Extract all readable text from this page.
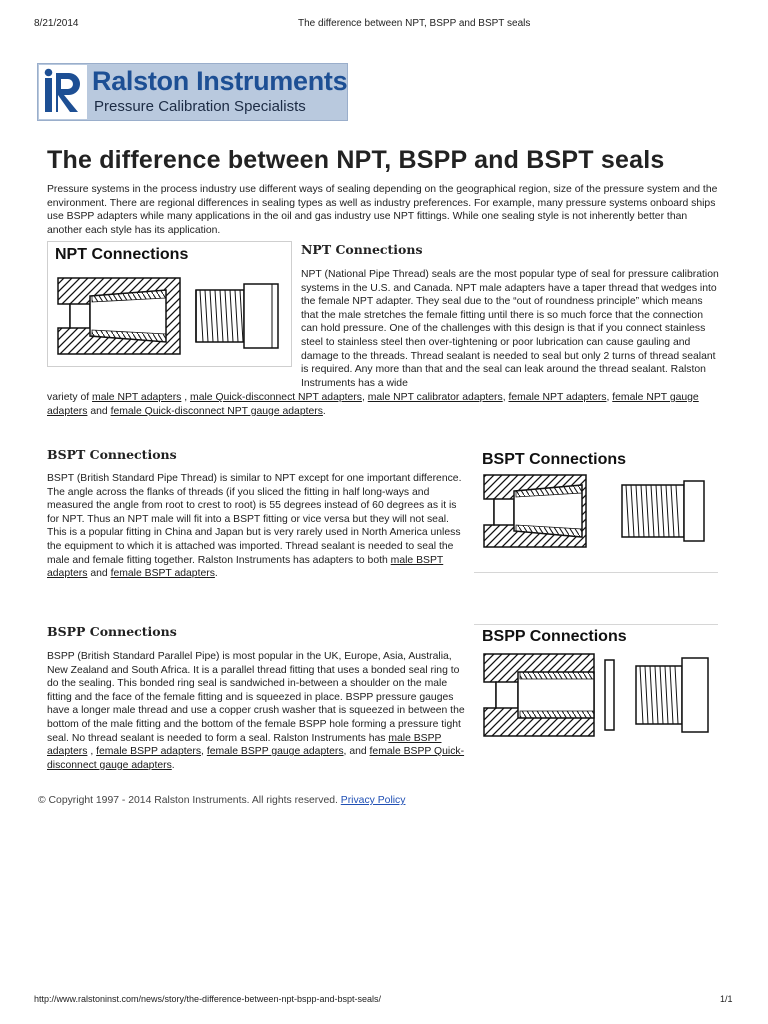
8/21/2014	The difference between NPT, BSPP and BSPT seals
Ralston Instruments
Pressure Calibration Specialists
The difference between NPT, BSPP and BSPT seals

Pressure systems in the process industry use different ways of sealing depending on the geographical region, size of the pressure system and the environment. There are regional differences in sealing types as well as industry preferences. For example, many pressure systems onboard ships use BSPP adapters while many applications in the oil and gas industry use NPT fittings. While one sealing style is not inherently better than another each style has its application.

NPT Connections	NPT Connections

NPT (National Pipe Thread) seals are the most popular type of seal for pressure calibration systems in the U.S. and Canada. NPT male adapters have a taper thread that wedges into the female NPT adapter. They seal due to the “out of roundness principle” which means that the male stretches the female fitting until there is so much force that the connection can hold pressure. One of the challenges with this design is that if you connect stainless steel to stainless steel then over-tightening or poor lubrication can cause gauling and damage to the threads. Thread sealant is needed to seal but only 2 turns of thread sealant is required. Any more than that and the seal can leak around the thread sealant. Ralston Instruments has a wide

variety of male NPT adapters , male Quick-disconnect NPT adapters, male NPT calibrator adapters, female NPT adapters, female NPT gauge adapters and female Quick-disconnect NPT gauge adapters.

BSPT Connections

BSPT (British Standard Pipe Thread) is similar to NPT except for one important difference. The angle across the flanks of threads (if you sliced the fitting in half long-ways and measured the angle from root to crest to root) is 55 degrees instead of 60 degrees as it is for NPT. Thus an NPT male will fit into a BSPT fitting or vice versa but they will not seal. This is a popular fitting in China and Japan but is very rarely used in North America unless the equipment to which it is attached was imported. Thread sealant is needed to seal the male and female fitting together. Ralston Instruments has adapters to both male BSPT adapters and female BSPT adapters.

BSPT Connections
BSPP Connections

BSPP (British Standard Parallel Pipe) is most popular in the UK, Europe, Asia, Australia, New Zealand and South Africa. It is a parallel thread fitting that uses a bonded seal ring to do the sealing. This bonded ring seal is sandwiched in-between a shoulder on the male fitting and the face of the female fitting and is squeezed in place. BSPP pressure gauges have a longer male thread and use a copper crush washer that is squeezed in between the bottom of the male fitting and the bottom of the female BSPP hole forming a pressure tight seal. No thread sealant is needed to form a seal. Ralston Instruments has male BSPP adapters , female BSPP adapters, female BSPP gauge adapters, and female BSPP Quick-disconnect gauge adapters.

BSPP Connections
© Copyright 1997 - 2014 Ralston Instruments. All rights reserved. Privacy Policy
http://www.ralstoninst.com/news/story/the-difference-between-npt-bspp-and-bspt-seals/	1/1
